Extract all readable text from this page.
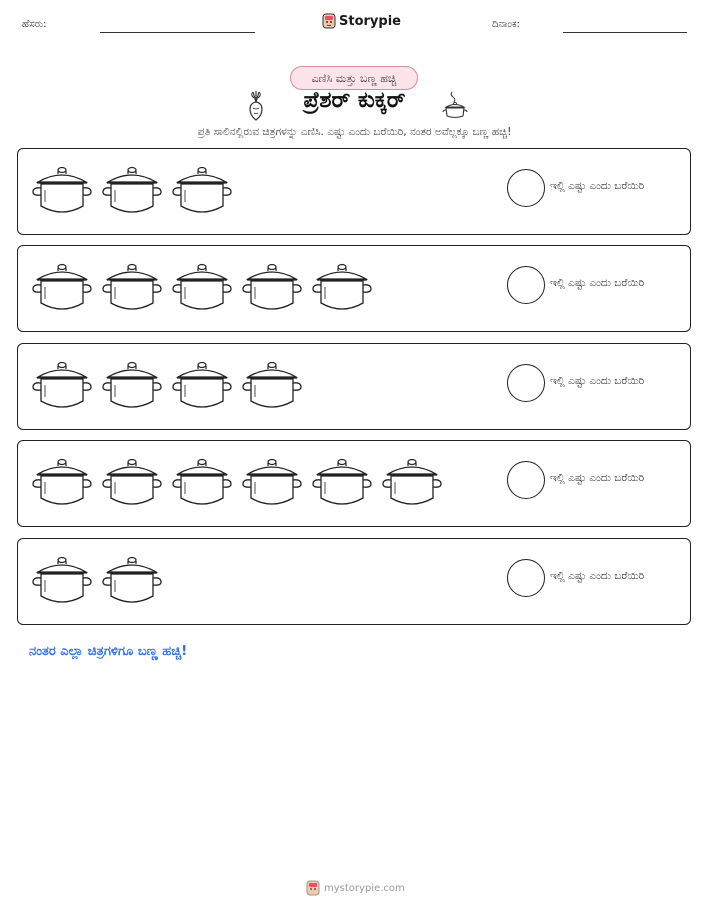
ಹೆಸರು:	Storypie	ದಿನಾಂಕ:
ಎಣಿಸಿ ಮತ್ತು ಬಣ್ಣ ಹಚ್ಚಿ
ಪ್ರೆಶರ್ ಕುಕ್ಕರ್
ಪ್ರತಿ ಸಾಲಿನಲ್ಲಿರುವ ಚಿತ್ರಗಳನ್ನು ಎಣಿಸಿ. ಎಷ್ಟು ಎಂದು ಬರೆಯಿರಿ, ನಂತರ ಅವೆಲ್ಲಕ್ಕೂ ಬಣ್ಣ ಹಚ್ಚಿ!
ಇಲ್ಲಿ ಎಷ್ಟು ಎಂದು ಬರೆಯಿರಿ
ಇಲ್ಲಿ ಎಷ್ಟು ಎಂದು ಬರೆಯಿರಿ
ಇಲ್ಲಿ ಎಷ್ಟು ಎಂದು ಬರೆಯಿರಿ
ಇಲ್ಲಿ ಎಷ್ಟು ಎಂದು ಬರೆಯಿರಿ
ಇಲ್ಲಿ ಎಷ್ಟು ಎಂದು ಬರೆಯಿರಿ
ನಂತರ ಎಲ್ಲಾ ಚಿತ್ರಗಳಿಗೂ ಬಣ್ಣ ಹಚ್ಚಿ!
mystorypie.com
